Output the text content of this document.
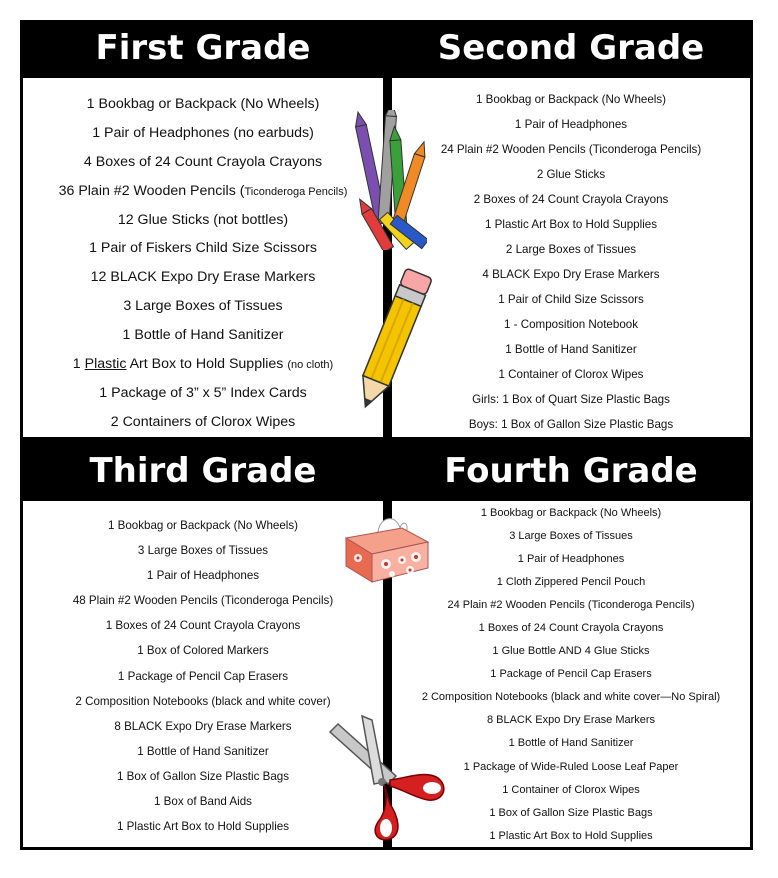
First Grade
1 Bookbag or Backpack (No Wheels)
1 Pair of Headphones (no earbuds)
4 Boxes of 24 Count Crayola Crayons
36 Plain #2 Wooden Pencils (Ticonderoga Pencils)
12 Glue Sticks (not bottles)
1 Pair of Fiskers Child Size Scissors
12 BLACK Expo Dry Erase Markers
3 Large Boxes of Tissues
1 Bottle of Hand Sanitizer
1 Plastic Art Box to Hold Supplies (no cloth)
1 Package of 3” x 5” Index Cards
2 Containers of Clorox Wipes
Second Grade
1 Bookbag or Backpack (No Wheels)
1 Pair of Headphones
24 Plain #2 Wooden Pencils (Ticonderoga Pencils)
2 Glue Sticks
2 Boxes of 24 Count Crayola Crayons
1 Plastic Art Box to Hold Supplies
2 Large Boxes of Tissues
4 BLACK Expo Dry Erase Markers
1 Pair of Child Size Scissors
1 - Composition Notebook
1 Bottle of Hand Sanitizer
1 Container of Clorox Wipes
Girls: 1 Box of Quart Size Plastic Bags
Boys: 1 Box of Gallon Size Plastic Bags
Third Grade
1 Bookbag or Backpack (No Wheels)
3 Large Boxes of Tissues
1 Pair of Headphones
48 Plain #2 Wooden Pencils (Ticonderoga Pencils)
1 Boxes of 24 Count Crayola Crayons
1 Box of Colored Markers
1 Package of Pencil Cap Erasers
2 Composition Notebooks (black and white cover)
8 BLACK Expo Dry Erase Markers
1 Bottle of Hand Sanitizer
1 Box of Gallon Size Plastic Bags
1 Box of Band Aids
1 Plastic Art Box to Hold Supplies
Fourth Grade
1 Bookbag or Backpack (No Wheels)
3 Large Boxes of Tissues
1 Pair of Headphones
1 Cloth Zippered Pencil Pouch
24 Plain #2 Wooden Pencils (Ticonderoga Pencils)
1 Boxes of 24 Count Crayola Crayons
1 Glue Bottle AND 4 Glue Sticks
1 Package of Pencil Cap Erasers
2 Composition Notebooks (black and white cover—No Spiral)
8 BLACK Expo Dry Erase Markers
1 Bottle of Hand Sanitizer
1 Package of Wide-Ruled Loose Leaf Paper
1 Container of Clorox Wipes
1 Box of Gallon Size Plastic Bags
1 Plastic Art Box to Hold Supplies
